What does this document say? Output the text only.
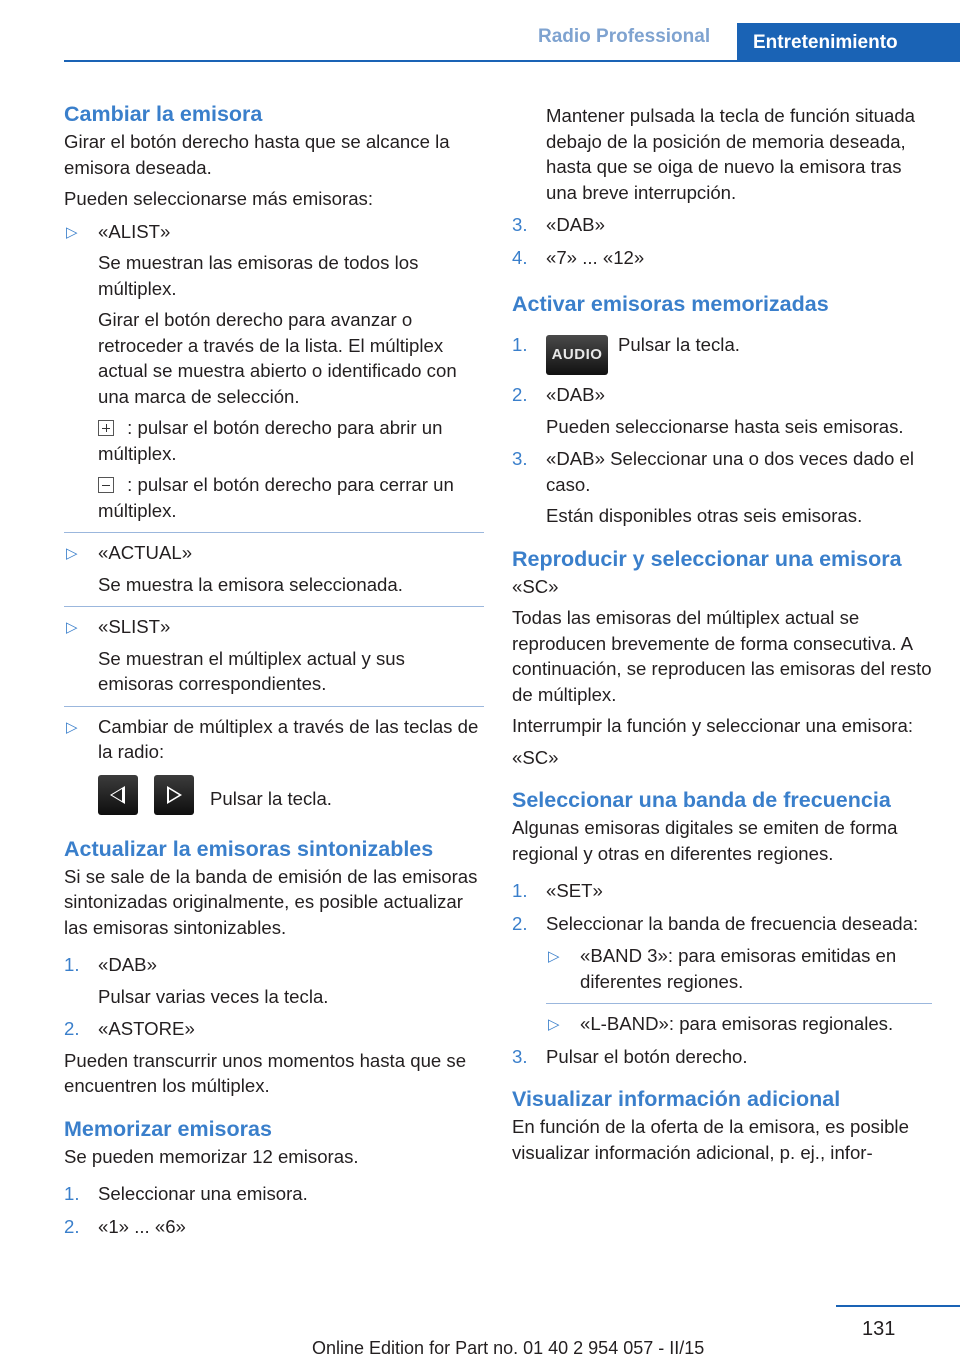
Radio Professional	Entretenimiento
Cambiar la emisora

Girar el botón derecho hasta que se alcance la emisora deseada.

Pueden seleccionarse más emisoras:

▷ «ALIST»
Se muestran las emisoras de todos los múltiplex.
Girar el botón derecho para avanzar o retroceder a través de la lista. El múltiplex actual se muestra abierto o identificado con una marca de selección.
: pulsar el botón derecho para abrir un múltiplex.
: pulsar el botón derecho para cerrar un múltiplex.
▷ «ACTUAL»
Se muestra la emisora seleccionada.
▷ «SLIST»
Se muestran el múltiplex actual y sus emisoras correspondientes.
▷ Cambiar de múltiplex a través de las teclas de la radio:
Pulsar la tecla.
Actualizar la emisoras sintonizables

Si se sale de la banda de emisión de las emisoras sintonizadas originalmente, es posible actualizar las emisoras sintonizables.

1. «DAB»
Pulsar varias veces la tecla.
2. «ASTORE»

Pueden transcurrir unos momentos hasta que se encuentren los múltiplex.

Memorizar emisoras

Se pueden memorizar 12 emisoras.

1. Seleccionar una emisora.
2. «1» ... «6»
Mantener pulsada la tecla de función situada debajo de la posición de memoria deseada, hasta que se oiga de nuevo la emisora tras una breve interrupción.
3. «DAB»
4. «7» ... «12»
Activar emisoras memorizadas
1.	AUDIO Pulsar la tecla.
2. «DAB»
Pueden seleccionarse hasta seis emisoras.
3. «DAB» Seleccionar una o dos veces dado el caso.
Están disponibles otras seis emisoras.
Reproducir y seleccionar una emisora

«SC»

Todas las emisoras del múltiplex actual se reproducen brevemente de forma consecutiva. A continuación, se reproducen las emisoras del resto de múltiplex.

Interrumpir la función y seleccionar una emisora:

«SC»

Seleccionar una banda de frecuencia

Algunas emisoras digitales se emiten de forma regional y otras en diferentes regiones.

1. «SET»
2. Seleccionar la banda de frecuencia deseada:
▷ «BAND 3»: para emisoras emitidas en diferentes regiones.
▷ «L-BAND»: para emisoras regionales.
3. Pulsar el botón derecho.
Visualizar información adicional

En función de la oferta de la emisora, es posible visualizar información adicional, p. ej., infor-

131
Online Edition for Part no. 01 40 2 954 057 - II/15
